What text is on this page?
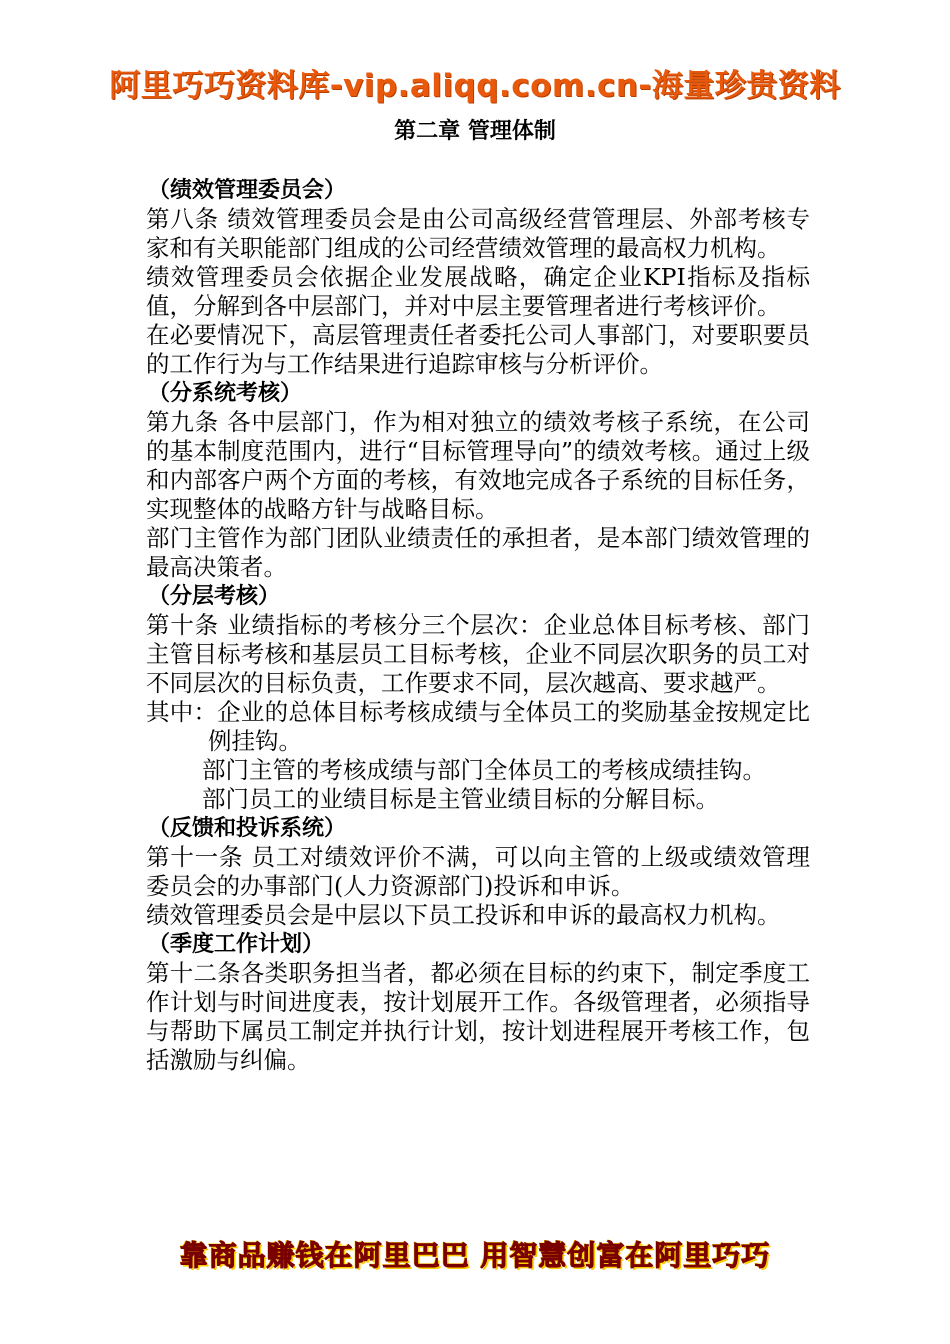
阿里巧巧资料库-vip.aliqq.com.cn-海量珍贵资料
第二章 管理体制
（绩效管理委员会）

第八条 绩效管理委员会是由公司高级经营管理层、外部考核专家和有关职能部门组成的公司经营绩效管理的最高权力机构。

绩效管理委员会依据企业发展战略，确定企业KPI指标及指标值，分解到各中层部门，并对中层主要管理者进行考核评价。

在必要情况下，高层管理责任者委托公司人事部门，对要职要员的工作行为与工作结果进行追踪审核与分析评价。

（分系统考核）

第九条 各中层部门，作为相对独立的绩效考核子系统，在公司的基本制度范围内，进行“目标管理导向”的绩效考核。通过上级和内部客户两个方面的考核，有效地完成各子系统的目标任务，实现整体的战略方针与战略目标。

部门主管作为部门团队业绩责任的承担者，是本部门绩效管理的最高决策者。

（分层考核）

第十条 业绩指标的考核分三个层次：企业总体目标考核、部门主管目标考核和基层员工目标考核，企业不同层次职务的员工对不同层次的目标负责，工作要求不同，层次越高、要求越严。

其中：企业的总体目标考核成绩与全体员工的奖励基金按规定比例挂钩。

部门主管的考核成绩与部门全体员工的考核成绩挂钩。

部门员工的业绩目标是主管业绩目标的分解目标。

（反馈和投诉系统）

第十一条 员工对绩效评价不满，可以向主管的上级或绩效管理委员会的办事部门(人力资源部门)投诉和申诉。

绩效管理委员会是中层以下员工投诉和申诉的最高权力机构。

（季度工作计划）

第十二条各类职务担当者，都必须在目标的约束下，制定季度工作计划与时间进度表，按计划展开工作。各级管理者，必须指导与帮助下属员工制定并执行计划，按计划进程展开考核工作，包括激励与纠偏。

靠商品赚钱在阿里巴巴 用智慧创富在阿里巧巧
